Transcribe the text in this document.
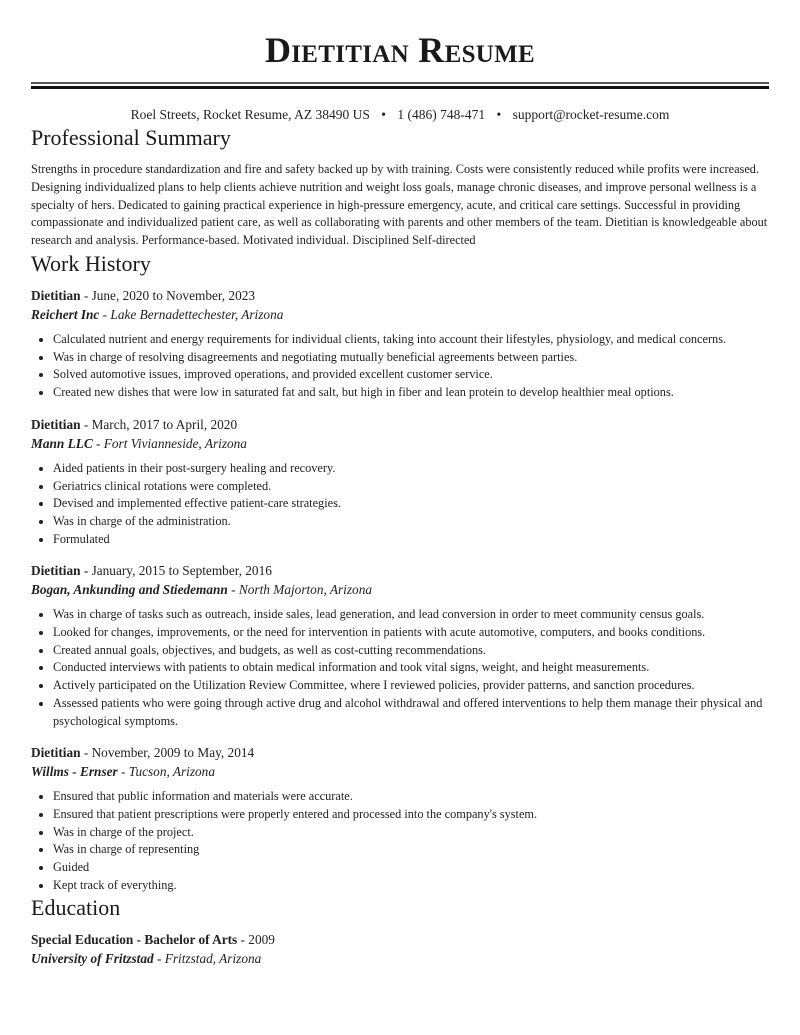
Dietitian Resume
Roel Streets, Rocket Resume, AZ 38490 US • 1 (486) 748-471 • support@rocket-resume.com
Professional Summary
Strengths in procedure standardization and fire and safety backed up by with training. Costs were consistently reduced while profits were increased. Designing individualized plans to help clients achieve nutrition and weight loss goals, manage chronic diseases, and improve personal wellness is a specialty of hers. Dedicated to gaining practical experience in high-pressure emergency, acute, and critical care settings. Successful in providing compassionate and individualized patient care, as well as collaborating with parents and other members of the team. Dietitian is knowledgeable about research and analysis. Performance-based. Motivated individual. Disciplined Self-directed
Work History
Dietitian - June, 2020 to November, 2023
Reichert Inc - Lake Bernadettechester, Arizona
• Calculated nutrient and energy requirements for individual clients, taking into account their lifestyles, physiology, and medical concerns.
• Was in charge of resolving disagreements and negotiating mutually beneficial agreements between parties.
• Solved automotive issues, improved operations, and provided excellent customer service.
• Created new dishes that were low in saturated fat and salt, but high in fiber and lean protein to develop healthier meal options.
Dietitian - March, 2017 to April, 2020
Mann LLC - Fort Vivianneside, Arizona
• Aided patients in their post-surgery healing and recovery.
• Geriatrics clinical rotations were completed.
• Devised and implemented effective patient-care strategies.
• Was in charge of the administration.
• Formulated
Dietitian - January, 2015 to September, 2016
Bogan, Ankunding and Stiedemann - North Majorton, Arizona
• Was in charge of tasks such as outreach, inside sales, lead generation, and lead conversion in order to meet community census goals.
• Looked for changes, improvements, or the need for intervention in patients with acute automotive, computers, and books conditions.
• Created annual goals, objectives, and budgets, as well as cost-cutting recommendations.
• Conducted interviews with patients to obtain medical information and took vital signs, weight, and height measurements.
• Actively participated on the Utilization Review Committee, where I reviewed policies, provider patterns, and sanction procedures.
• Assessed patients who were going through active drug and alcohol withdrawal and offered interventions to help them manage their physical and psychological symptoms.
Dietitian - November, 2009 to May, 2014
Willms - Ernser - Tucson, Arizona
• Ensured that public information and materials were accurate.
• Ensured that patient prescriptions were properly entered and processed into the company's system.
• Was in charge of the project.
• Was in charge of representing
• Guided
• Kept track of everything.
Education
Special Education - Bachelor of Arts - 2009
University of Fritzstad - Fritzstad, Arizona
